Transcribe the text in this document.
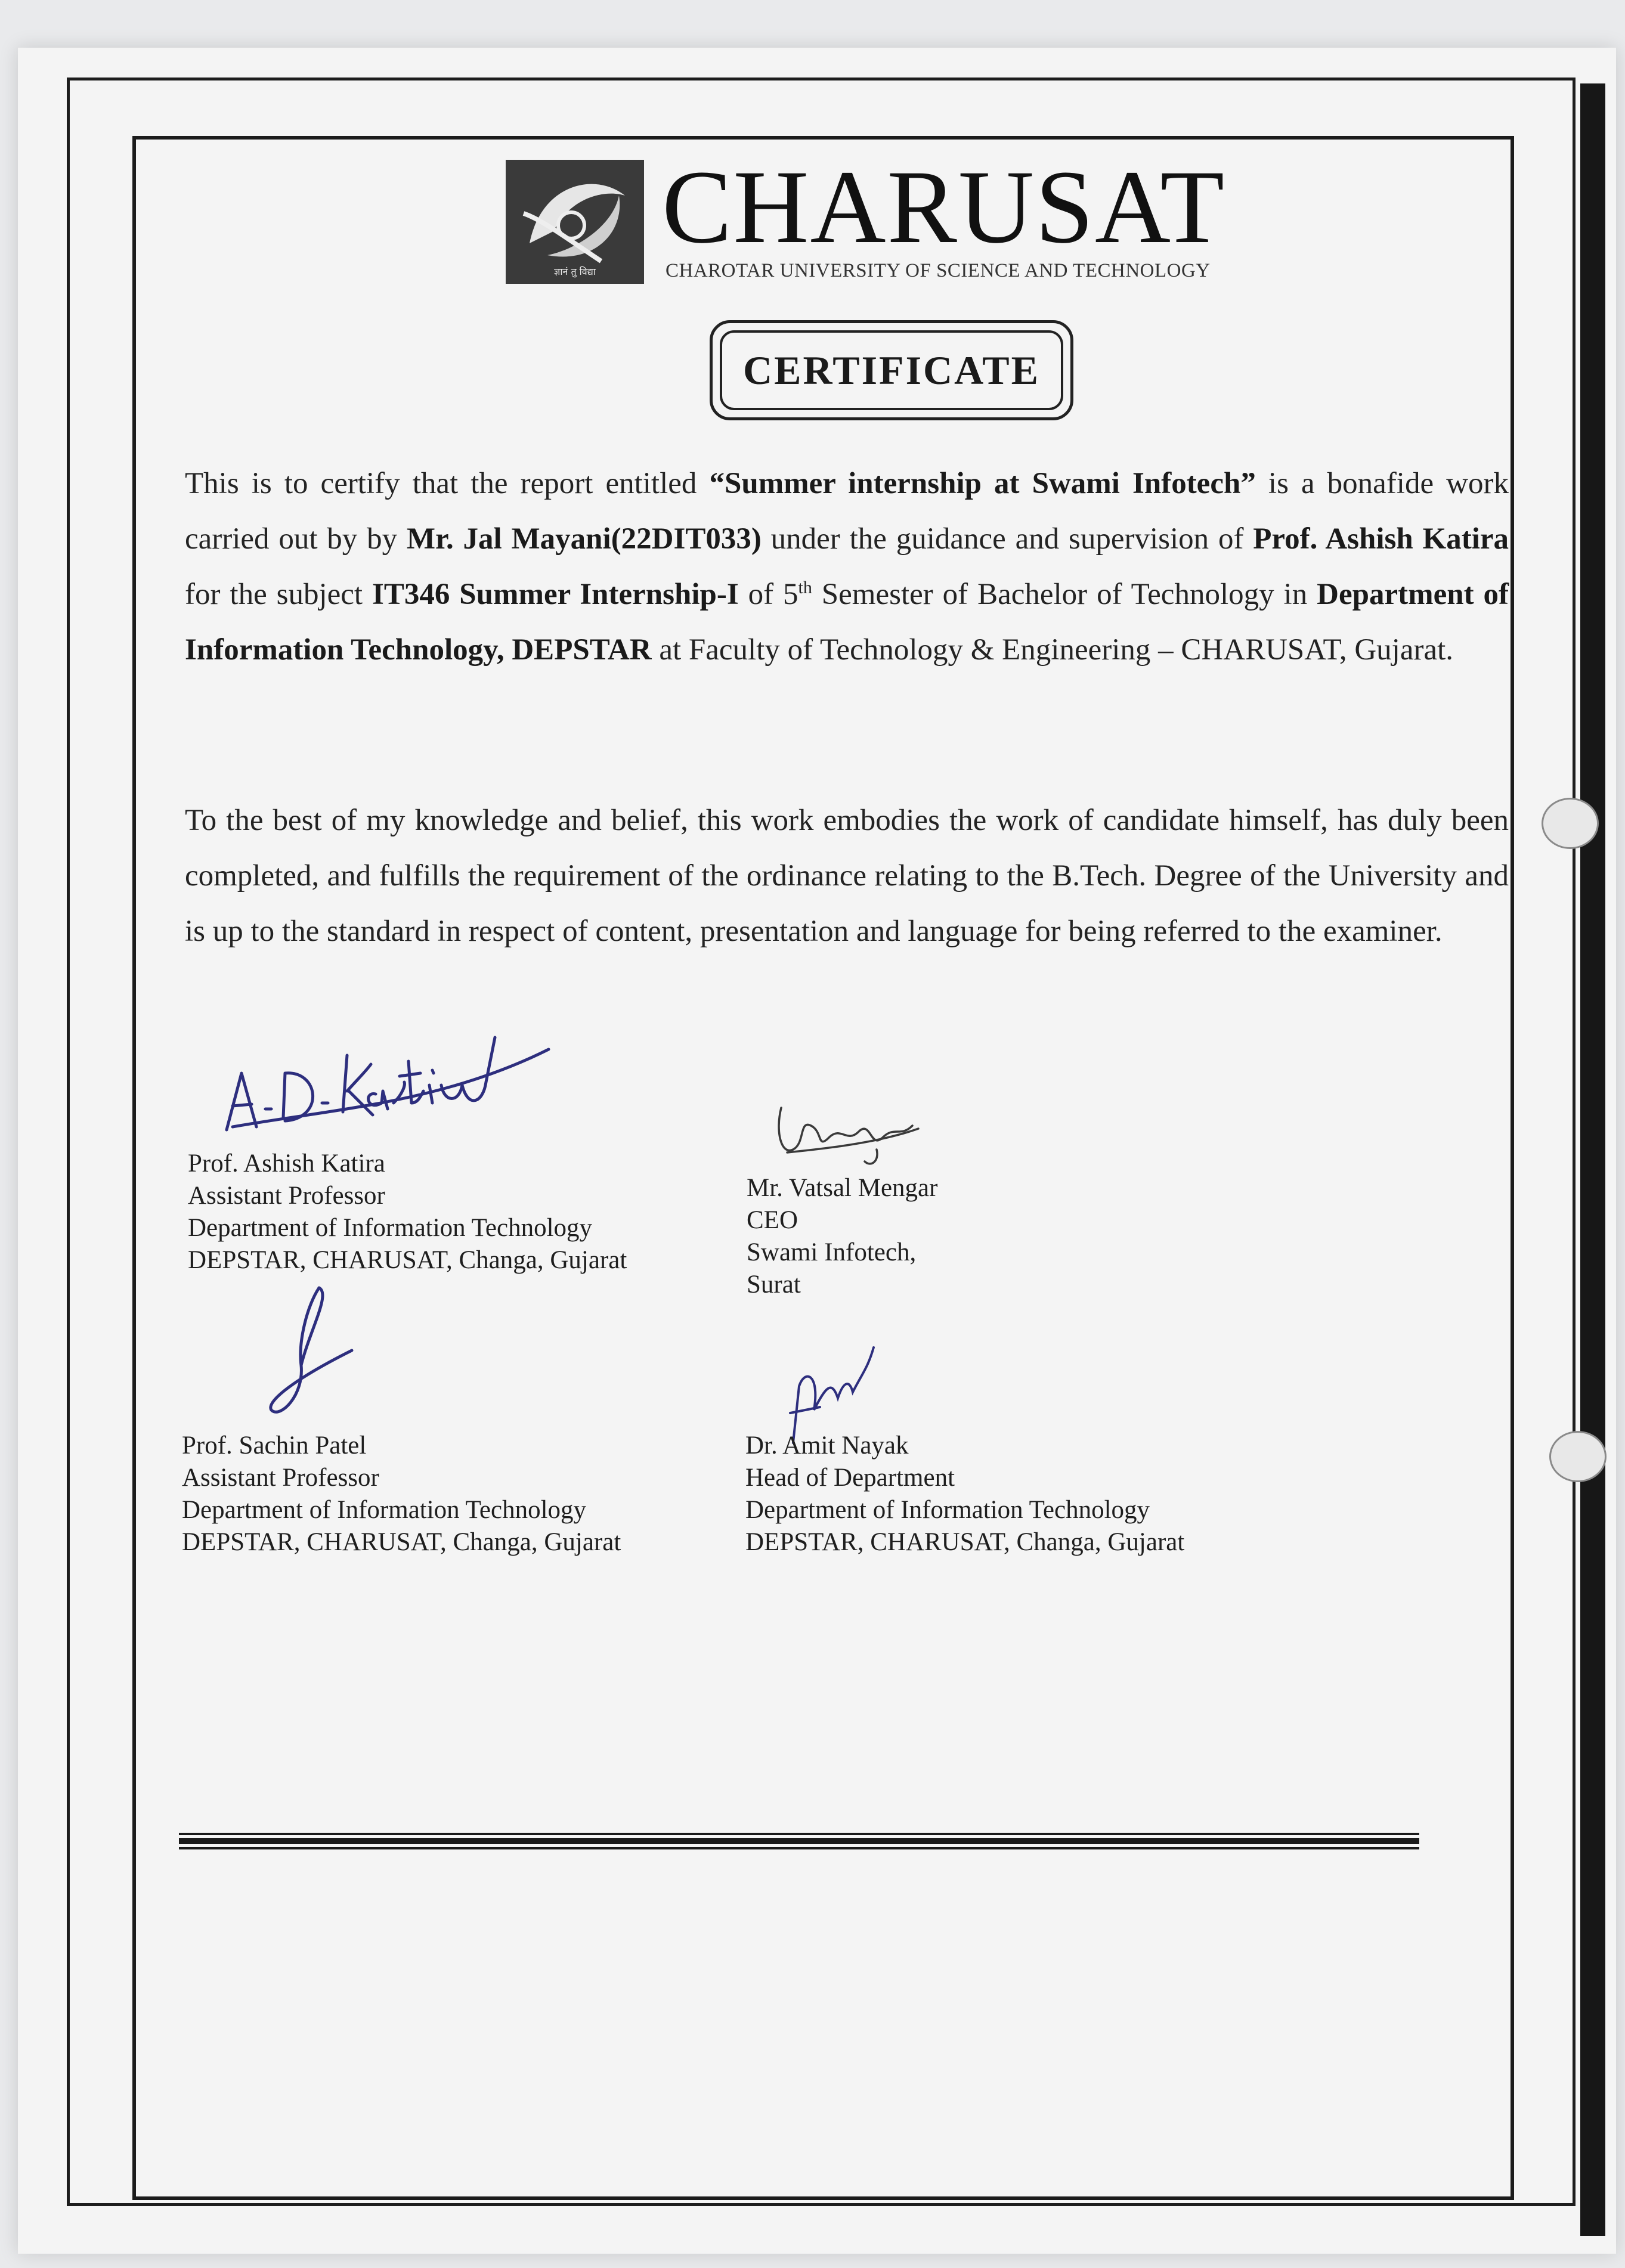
ज्ञानं तु विद्या
CHARUSAT
CHAROTAR UNIVERSITY OF SCIENCE AND TECHNOLOGY
CERTIFICATE
This is to certify that the report entitled “Summer internship at Swami Infotech” is a bonafide work carried out by by Mr. Jal Mayani(22DIT033) under the guidance and supervision of Prof. Ashish Katira for the subject IT346 Summer Internship-I of 5th Semester of Bachelor of Technology in Department of Information Technology, DEPSTAR at Faculty of Technology & Engineering – CHARUSAT, Gujarat.
To the best of my knowledge and belief, this work embodies the work of candidate himself, has duly been completed, and fulfills the requirement of the ordinance relating to the B.Tech. Degree of the University and is up to the standard in respect of content, presentation and language for being referred to the examiner.
Prof. Ashish Katira
Assistant Professor
Department of Information Technology
DEPSTAR, CHARUSAT, Changa, Gujarat
Mr. Vatsal Mengar
CEO
Swami Infotech,
Surat
Prof. Sachin Patel
Assistant Professor
Department of Information Technology
DEPSTAR, CHARUSAT, Changa, Gujarat
Dr. Amit Nayak
Head of Department
Department of Information Technology
DEPSTAR, CHARUSAT, Changa, Gujarat
